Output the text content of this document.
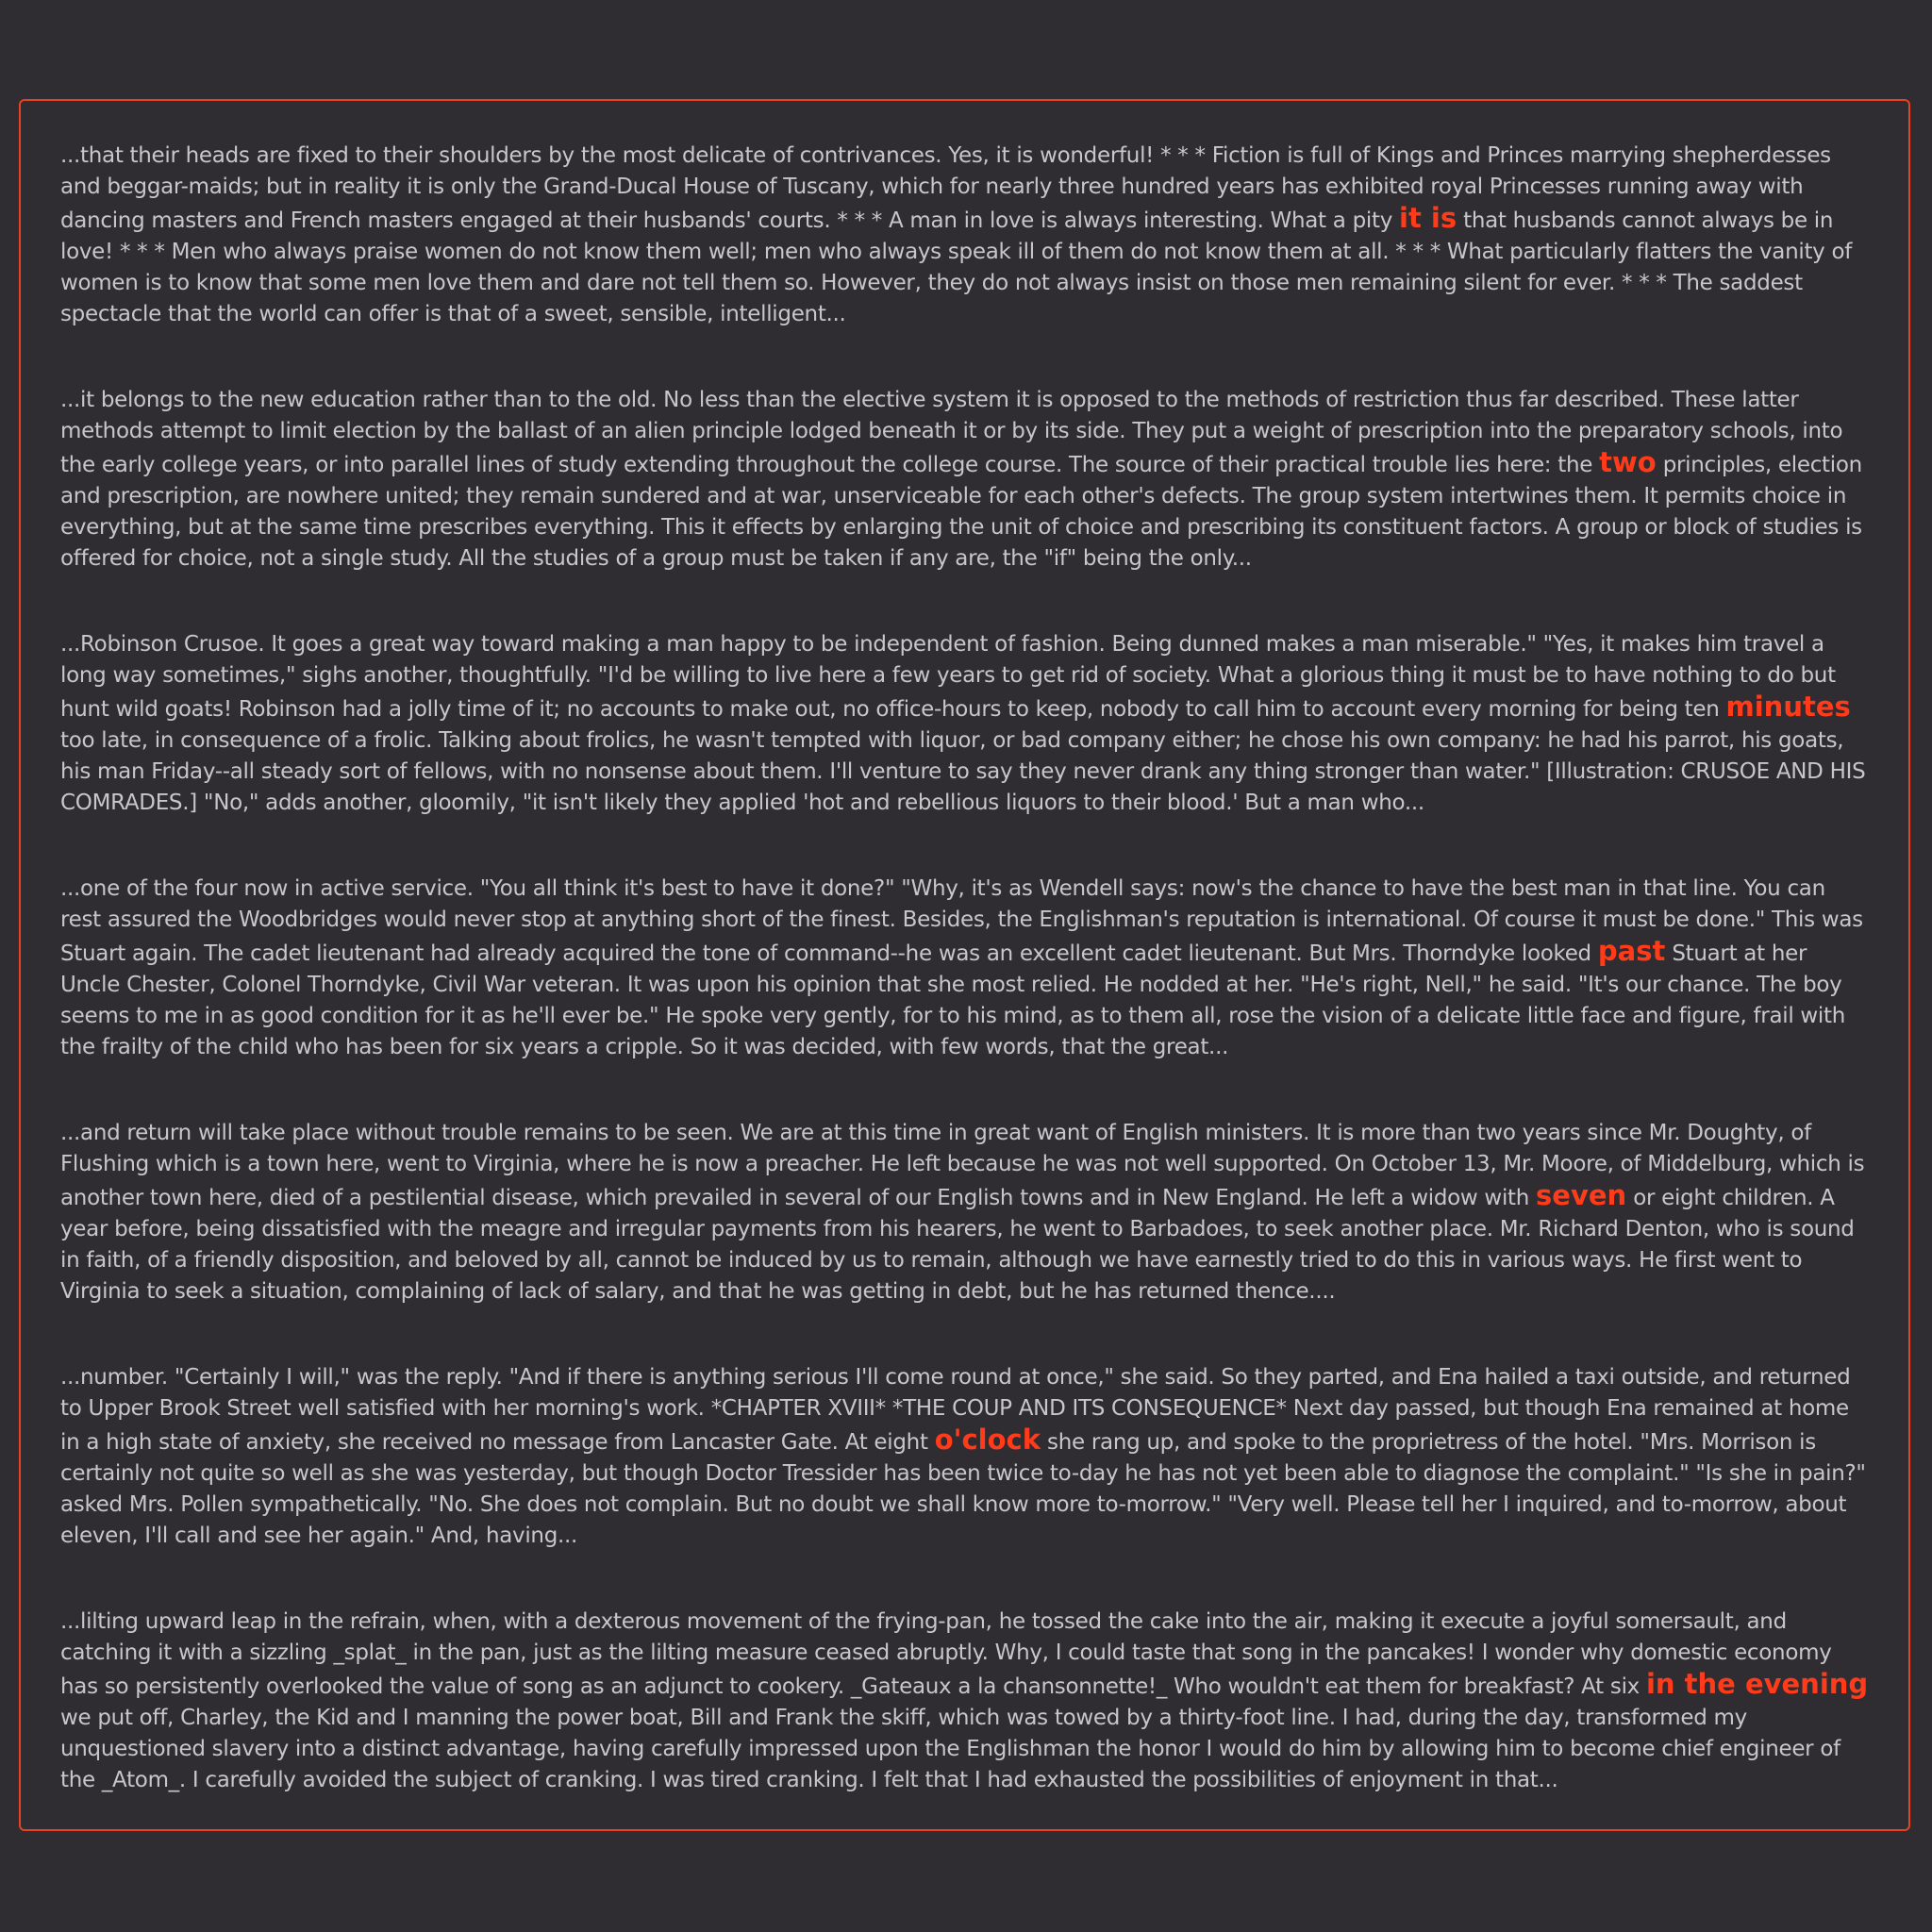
...that their heads are fixed to their shoulders by the most delicate of contrivances. Yes, it is wonderful! * * * Fiction is full of Kings and Princes marrying shepherdesses and beggar-maids; but in reality it is only the Grand-Ducal House of Tuscany, which for nearly three hundred years has exhibited royal Princesses running away with dancing masters and French masters engaged at their husbands' courts. * * * A man in love is always interesting. What a pity it is that husbands cannot always be in love! * * * Men who always praise women do not know them well; men who always speak ill of them do not know them at all. * * * What particularly flatters the vanity of women is to know that some men love them and dare not tell them so. However, they do not always insist on those men remaining silent for ever. * * * The saddest spectacle that the world can offer is that of a sweet, sensible, intelligent...

...it belongs to the new education rather than to the old. No less than the elective system it is opposed to the methods of restriction thus far described. These latter methods attempt to limit election by the ballast of an alien principle lodged beneath it or by its side. They put a weight of prescription into the preparatory schools, into the early college years, or into parallel lines of study extending throughout the college course. The source of their practical trouble lies here: the two principles, election and prescription, are nowhere united; they remain sundered and at war, unserviceable for each other's defects. The group system intertwines them. It permits choice in everything, but at the same time prescribes everything. This it effects by enlarging the unit of choice and prescribing its constituent factors. A group or block of studies is offered for choice, not a single study. All the studies of a group must be taken if any are, the "if" being the only...

...Robinson Crusoe. It goes a great way toward making a man happy to be independent of fashion. Being dunned makes a man miserable." "Yes, it makes him travel a long way sometimes," sighs another, thoughtfully. "I'd be willing to live here a few years to get rid of society. What a glorious thing it must be to have nothing to do but hunt wild goats! Robinson had a jolly time of it; no accounts to make out, no office-hours to keep, nobody to call him to account every morning for being ten minutes too late, in consequence of a frolic. Talking about frolics, he wasn't tempted with liquor, or bad company either; he chose his own company: he had his parrot, his goats, his man Friday--all steady sort of fellows, with no nonsense about them. I'll venture to say they never drank any thing stronger than water." [Illustration: CRUSOE AND HIS COMRADES.] "No," adds another, gloomily, "it isn't likely they applied 'hot and rebellious liquors to their blood.' But a man who...

...one of the four now in active service. "You all think it's best to have it done?" "Why, it's as Wendell says: now's the chance to have the best man in that line. You can rest assured the Woodbridges would never stop at anything short of the finest. Besides, the Englishman's reputation is international. Of course it must be done." This was Stuart again. The cadet lieutenant had already acquired the tone of command--he was an excellent cadet lieutenant. But Mrs. Thorndyke looked past Stuart at her Uncle Chester, Colonel Thorndyke, Civil War veteran. It was upon his opinion that she most relied. He nodded at her. "He's right, Nell," he said. "It's our chance. The boy seems to me in as good condition for it as he'll ever be." He spoke very gently, for to his mind, as to them all, rose the vision of a delicate little face and figure, frail with the frailty of the child who has been for six years a cripple. So it was decided, with few words, that the great...

...and return will take place without trouble remains to be seen. We are at this time in great want of English ministers. It is more than two years since Mr. Doughty, of Flushing which is a town here, went to Virginia, where he is now a preacher. He left because he was not well supported. On October 13, Mr. Moore, of Middelburg, which is another town here, died of a pestilential disease, which prevailed in several of our English towns and in New England. He left a widow with seven or eight children. A year before, being dissatisfied with the meagre and irregular payments from his hearers, he went to Barbadoes, to seek another place. Mr. Richard Denton, who is sound in faith, of a friendly disposition, and beloved by all, cannot be induced by us to remain, although we have earnestly tried to do this in various ways. He first went to Virginia to seek a situation, complaining of lack of salary, and that he was getting in debt, but he has returned thence....

...number. "Certainly I will," was the reply. "And if there is anything serious I'll come round at once," she said. So they parted, and Ena hailed a taxi outside, and returned to Upper Brook Street well satisfied with her morning's work. *CHAPTER XVIII* *THE COUP AND ITS CONSEQUENCE* Next day passed, but though Ena remained at home in a high state of anxiety, she received no message from Lancaster Gate. At eight o'clock she rang up, and spoke to the proprietress of the hotel. "Mrs. Morrison is certainly not quite so well as she was yesterday, but though Doctor Tressider has been twice to-day he has not yet been able to diagnose the complaint." "Is she in pain?" asked Mrs. Pollen sympathetically. "No. She does not complain. But no doubt we shall know more to-morrow." "Very well. Please tell her I inquired, and to-morrow, about eleven, I'll call and see her again." And, having...

...lilting upward leap in the refrain, when, with a dexterous movement of the frying-pan, he tossed the cake into the air, making it execute a joyful somersault, and catching it with a sizzling _splat_ in the pan, just as the lilting measure ceased abruptly. Why, I could taste that song in the pancakes! I wonder why domestic economy has so persistently overlooked the value of song as an adjunct to cookery. _Gateaux a la chansonnette!_ Who wouldn't eat them for breakfast? At six in the evening we put off, Charley, the Kid and I manning the power boat, Bill and Frank the skiff, which was towed by a thirty-foot line. I had, during the day, transformed my unquestioned slavery into a distinct advantage, having carefully impressed upon the Englishman the honor I would do him by allowing him to become chief engineer of the _Atom_. I carefully avoided the subject of cranking. I was tired cranking. I felt that I had exhausted the possibilities of enjoyment in that...
